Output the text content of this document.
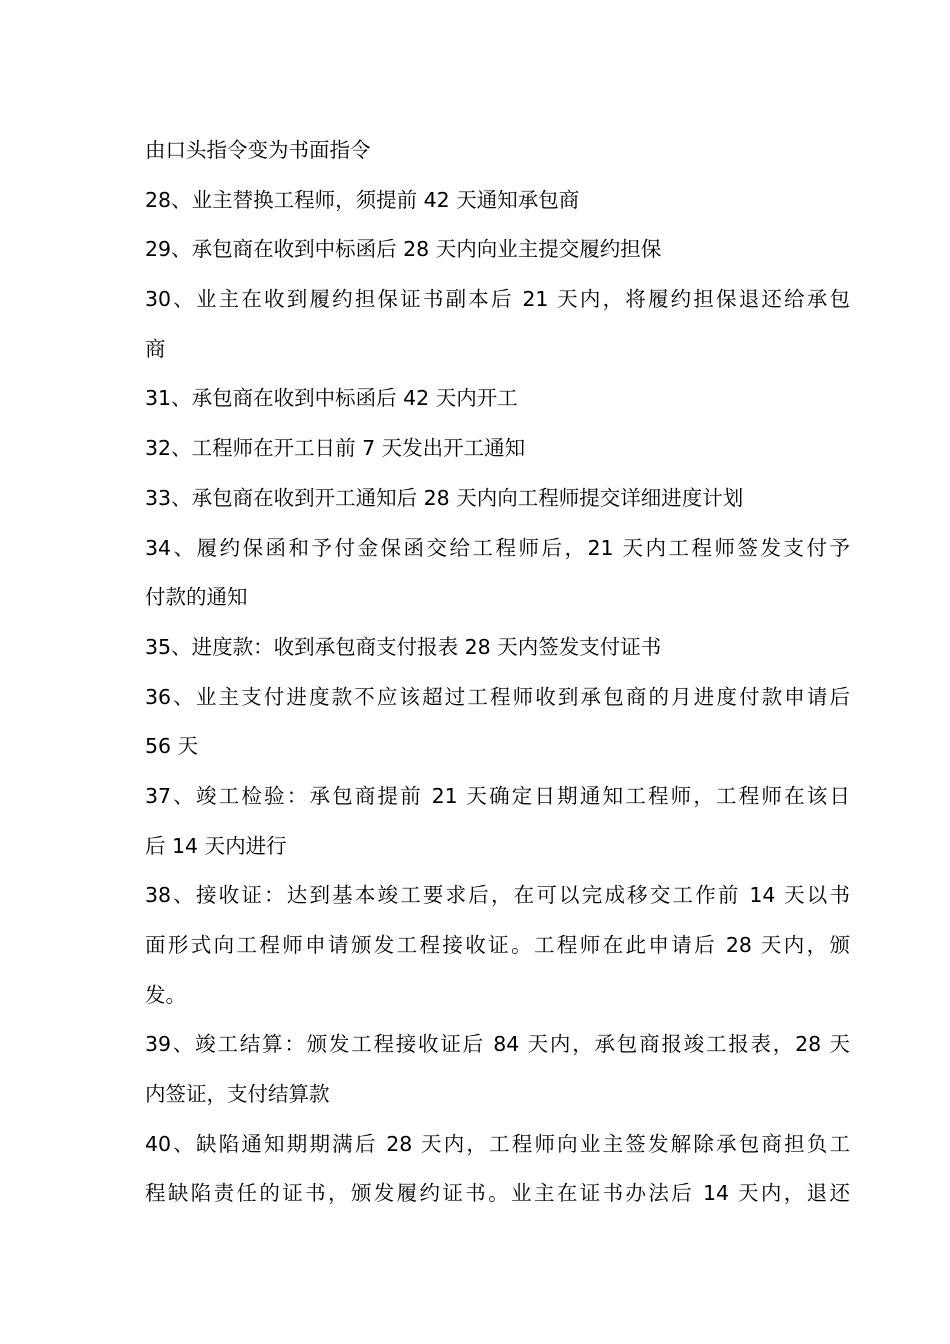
由口头指令变为书面指令
28、业主替换工程师，须提前 42 天通知承包商
29、承包商在收到中标函后 28 天内向业主提交履约担保
30、业主在收到履约担保证书副本后 21 天内，将履约担保退还给承包
商
31、承包商在收到中标函后 42 天内开工
32、工程师在开工日前 7 天发出开工通知
33、承包商在收到开工通知后 28 天内向工程师提交详细进度计划
34、履约保函和予付金保函交给工程师后，21 天内工程师签发支付予
付款的通知
35、进度款：收到承包商支付报表 28 天内签发支付证书
36、业主支付进度款不应该超过工程师收到承包商的月进度付款申请后
56 天
37、竣工检验：承包商提前 21 天确定日期通知工程师，工程师在该日
后 14 天内进行
38、接收证：达到基本竣工要求后，在可以完成移交工作前 14 天以书
面形式向工程师申请颁发工程接收证。工程师在此申请后 28 天内，颁
发。
39、竣工结算：颁发工程接收证后 84 天内，承包商报竣工报表，28 天
内签证，支付结算款
40、缺陷通知期期满后 28 天内，工程师向业主签发解除承包商担负工
程缺陷责任的证书，颁发履约证书。业主在证书办法后 14 天内，退还
